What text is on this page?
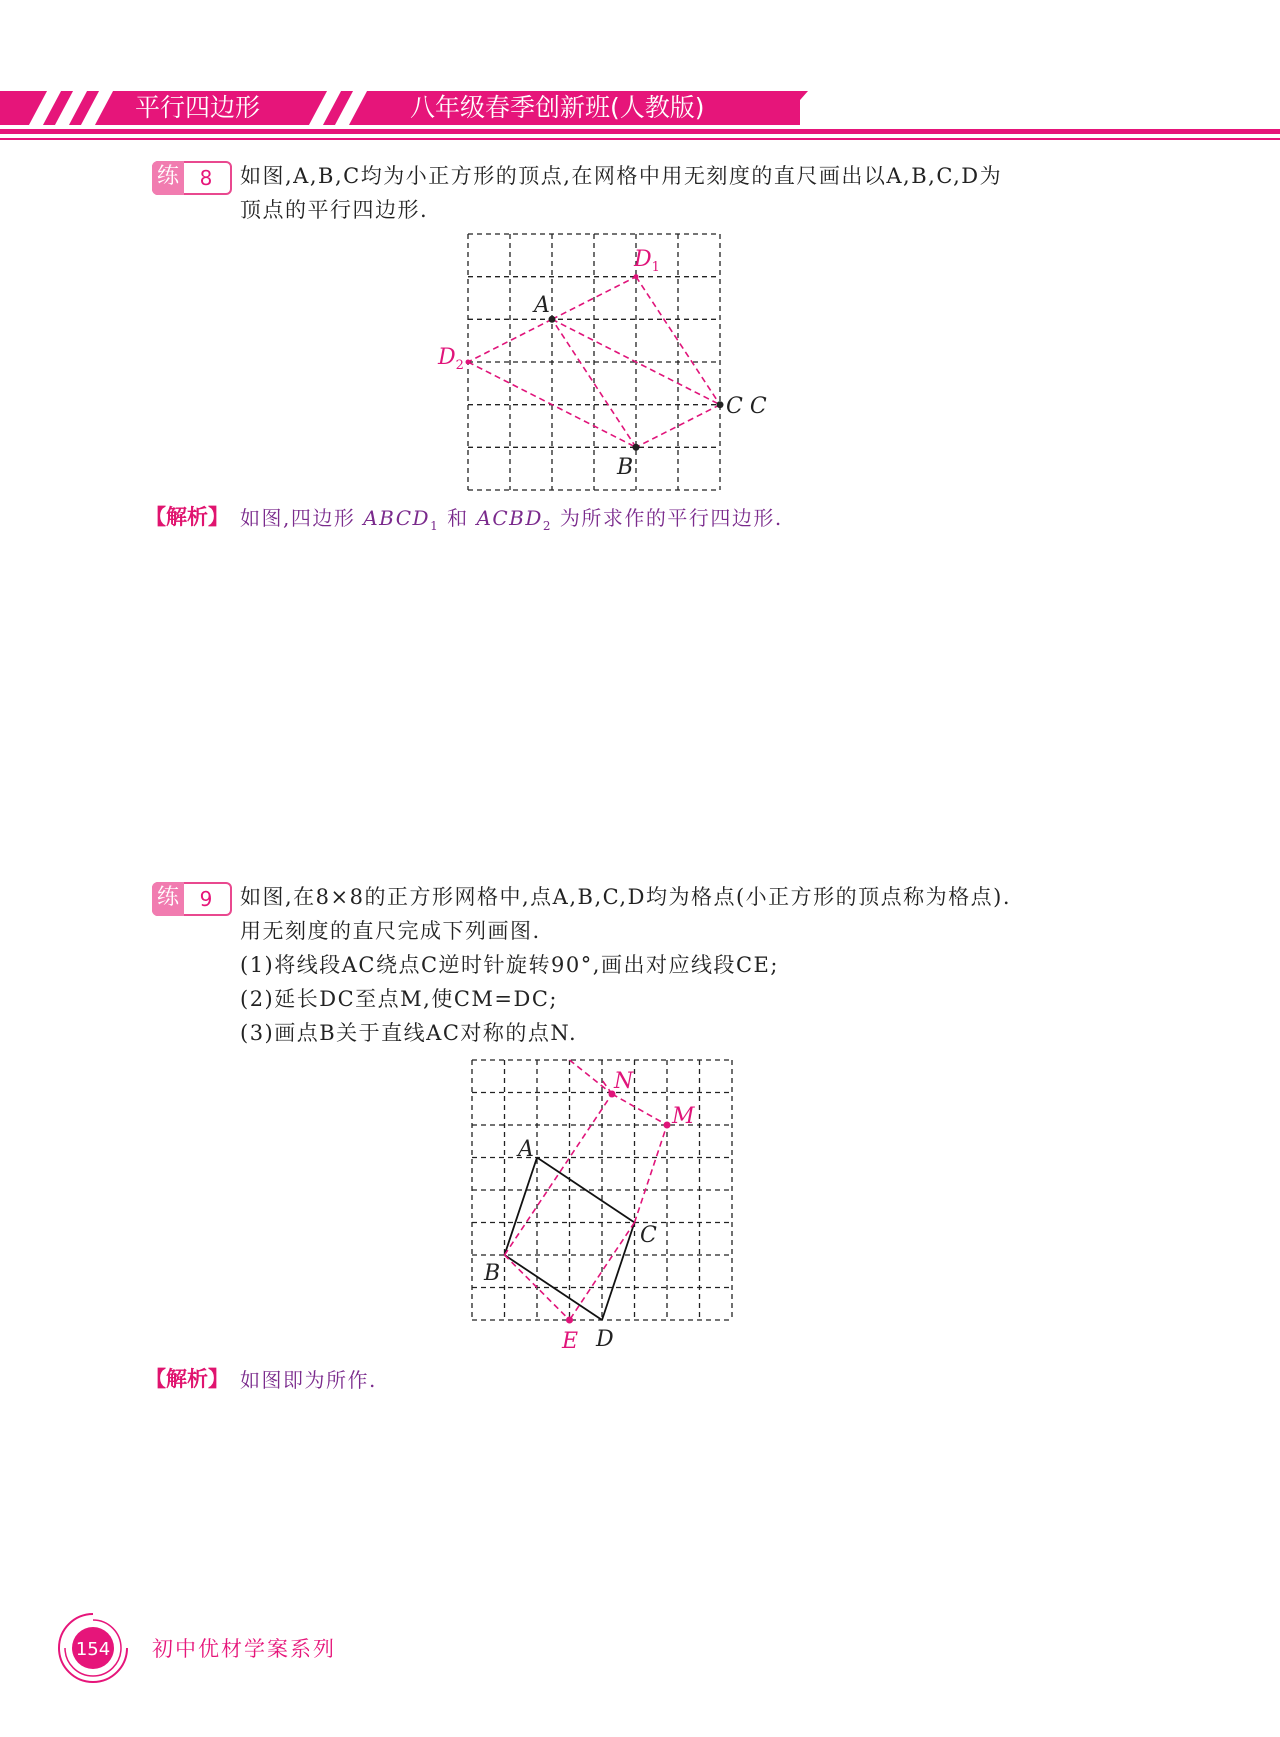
平行四边形	八年级春季创新班(人教版)
练	8	如图,A,B,C均为小正方形的顶点,在网格中用无刻度的直尺画出以A,B,C,D为
顶点的平行四边形.
A
B
C C
$D_1$
$D_2$
【解析】 如图,四边形 $ABCD_1$ 和 $ACBD_2$ 为所求作的平行四边形.
练	9	如图,在8×8的正方形网格中,点A,B,C,D均为格点(小正方形的顶点称为格点).
用无刻度的直尺完成下列画图.
(1)将线段AC绕点C逆时针旋转90°,画出对应线段CE;
(2)延长DC至点M,使CM=DC;
(3)画点B关于直线AC对称的点N.
A
B
C
D
E
M
N
【解析】 如图即为所作.
154 初中优材学案系列
